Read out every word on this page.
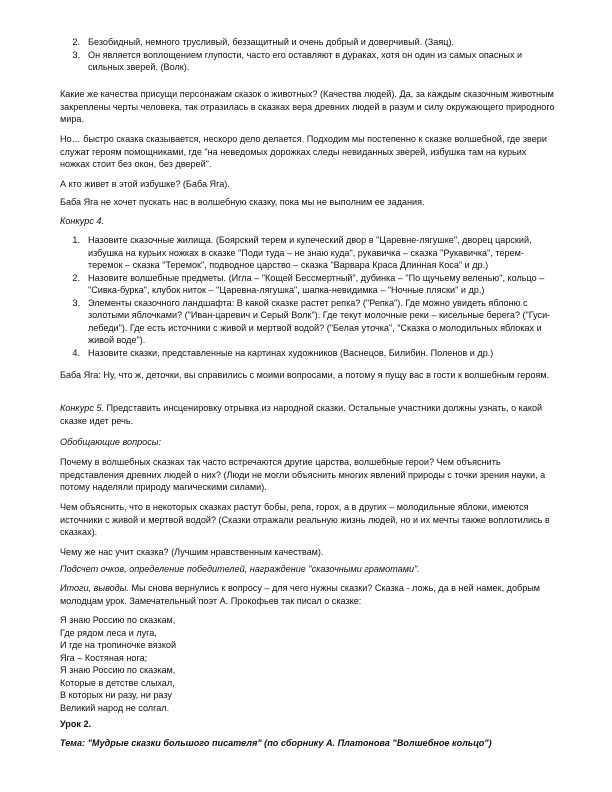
2. Безобидный, немного трусливый, беззащитный и очень добрый и доверчивый. (Заяц).
3. Он является воплощением глупости, часто его оставляют в дураках, хотя он один из самых опасных и сильных зверей. (Волк).

Какие же качества присущи персонажам сказок о животных? (Качества людей). Да, за каждым сказочным животным закреплены черты человека, так отразилась в сказках вера древних людей в разум и силу окружающего природного мира.

Но… быстро сказка сказывается, нескоро дело делается. Подходим мы постепенно к сказке волшебной, где звери служат героям помощниками, где "на неведомых дорожках следы невиданных зверей, избушка там на курьих ножках стоит без окон, без дверей".

А кто живет в этой избушке? (Баба Яга).

Баба Яга не хочет пускать нас в волшебную сказку, пока мы не выполним ее задания.

Конкурс 4.

1. Назовите сказочные жилища. (Боярский терем и купеческий двор в "Царевне-лягушке", дворец царский, избушка на курьих ножках в сказке "Поди туда – не знаю куда", рукавичка – сказка "Рукавичка", терем-теремок – сказка "Теремок", подводное царство – сказка "Варвара Краса Длинная Коса" и др.)
2. Назовите волшебные предметы. (Игла – "Кощей Бессмертный", дубинка – "По щучьему веленью", кольцо – "Сивка-бурка", клубок ниток – "Царевна-лягушка", шапка-невидимка – "Ночные пляски" и др.)
3. Элементы сказочного ландшафта: В какой сказке растет репка? ("Репка"). Где можно увидеть яблоню с золотыми яблочками? ("Иван-царевич и Серый Волк"). Где текут молочные реки – кисельные берега? ("Гуси-лебеди"). Где есть источники с живой и мертвой водой? ("Белая уточка", "Сказка о молодильных яблоках и живой воде").
4. Назовите сказки, представленные на картинах художников (Васнецов, Билибин. Поленов и др.)

Баба Яга: Ну, что ж, деточки, вы справились с моими вопросами, а потому я пущу вас в гости к волшебным героям.

Конкурс 5. Представить инсценировку отрывка из народной сказки. Остальные участники должны узнать, о какой сказке идет речь.

Обобщающие вопросы:

Почему в волшебных сказках так часто встречаются другие царства, волшебные герои? Чем объяснить представления древних людей о них? (Люди не могли объяснить многих явлений природы с точки зрения науки, а потому наделяли природу магическими силами).

Чем объяснить, что в некоторых сказках растут бобы, репа, горох, а в других – молодильные яблоки, имеются источники с живой и мертвой водой? (Сказки отражали реальную жизнь людей, но и их мечты также воплотились в сказках).

Чему же нас учит сказка? (Лучшим нравственным качествам).

Подсчет очков, определение победителей, награждение "сказочными грамотами".

Итоги, выводы. Мы снова вернулись к вопросу – для чего нужны сказки? Сказка - ложь, да в ней намек, добрым молодцам урок. Замечательный поэт А. Прокофьев так писал о сказке:

Я знаю Россию по сказкам,
Где рядом леса и луга,
И где на тропиночке вязкой
Яга – Костяная нога;
Я знаю Россию по сказкам,
Которые в детстве слыхал,
В которых ни разу, ни разу
Великий народ не солгал.

Урок 2.

Тема: "Мудрые сказки большого писателя" (по сборнику А. Платонова "Волшебное кольцо")
